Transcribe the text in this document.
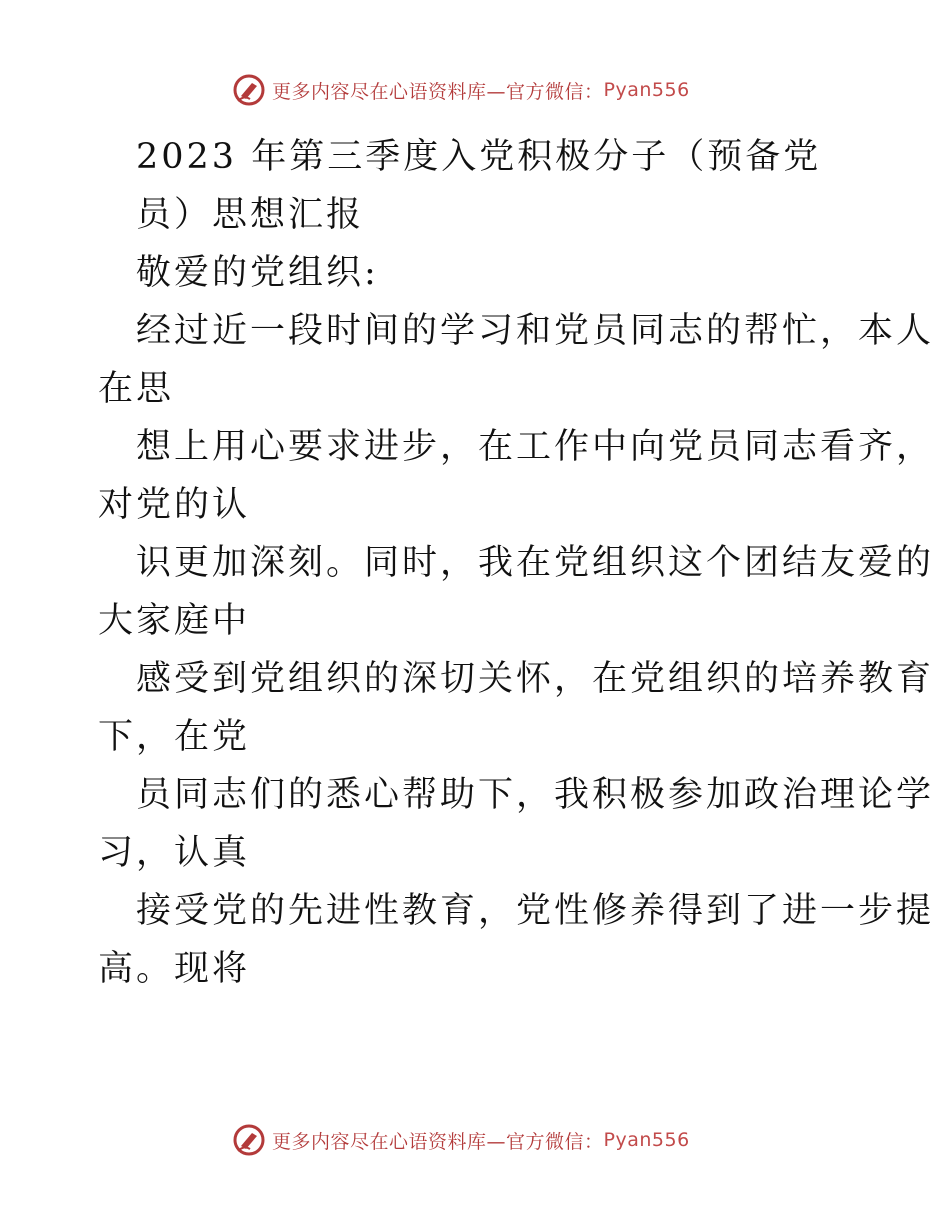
更多内容尽在心语资料库—官方微信： Pyan556
2023 年第三季度入党积极分子（预备党
员）思想汇报
敬爱的党组织:
经过近一段时间的学习和党员同志的帮忙，本人
在思
想上用心要求进步，在工作中向党员同志看齐，
对党的认
识更加深刻。同时，我在党组织这个团结友爱的
大家庭中
感受到党组织的深切关怀，在党组织的培养教育
下，在党
员同志们的悉心帮助下，我积极参加政治理论学
习，认真
接受党的先进性教育，党性修养得到了进一步提
高。现将
更多内容尽在心语资料库—官方微信： Pyan556
